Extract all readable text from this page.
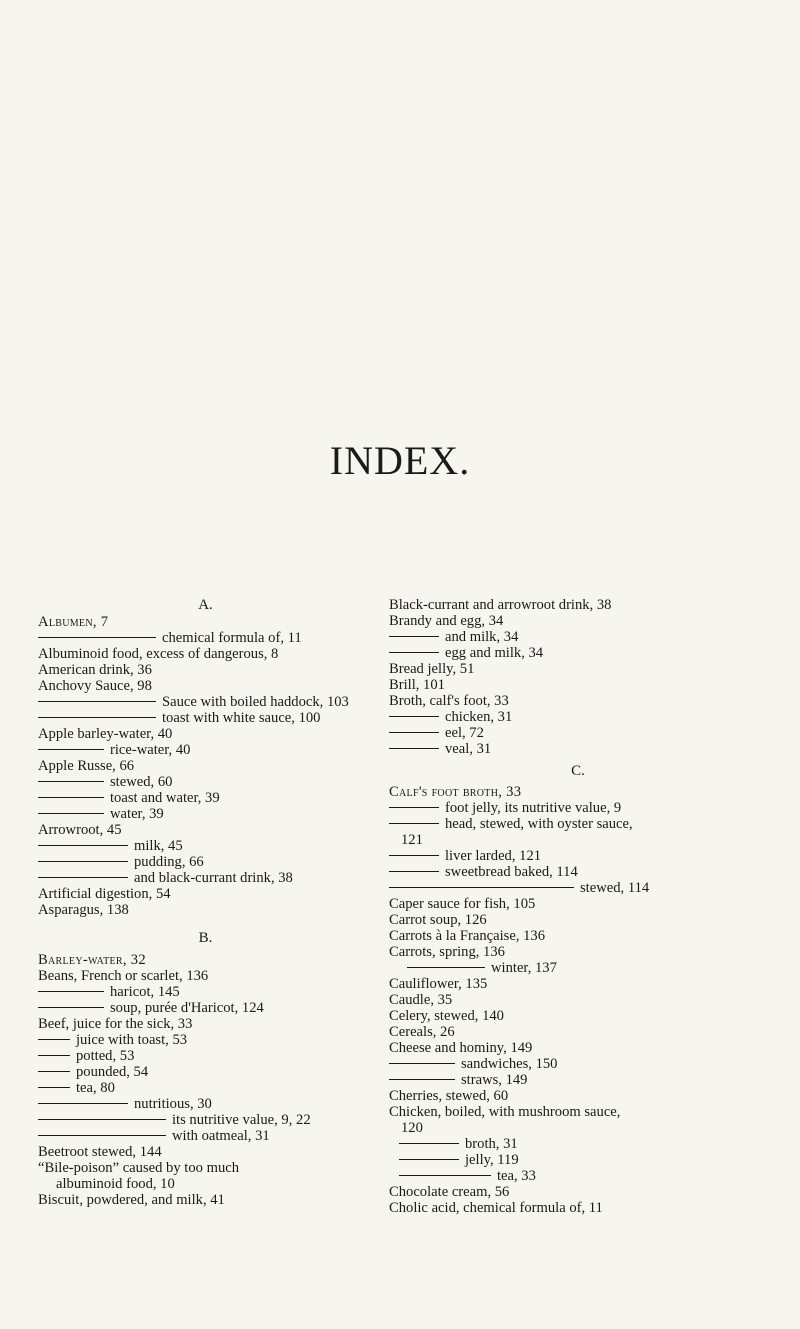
INDEX.
A.
Albumen, 7
chemical formula of, 11
Albuminoid food, excess of dangerous, 8
American drink, 36
Anchovy Sauce, 98
Sauce with boiled haddock, 103
toast with white sauce, 100
Apple barley-water, 40
rice-water, 40
Apple Russe, 66
stewed, 60
toast and water, 39
water, 39
Arrowroot, 45
milk, 45
pudding, 66
and black-currant drink, 38
Artificial digestion, 54
Asparagus, 138
B.
Barley-water, 32
Beans, French or scarlet, 136
haricot, 145
soup, purée d'Haricot, 124
Beef, juice for the sick, 33
juice with toast, 53
potted, 53
pounded, 54
tea, 80
nutritious, 30
its nutritive value, 9, 22
with oatmeal, 31
Beetroot stewed, 144
“Bile-poison” caused by too much
albuminoid food, 10
Biscuit, powdered, and milk, 41
Black-currant and arrowroot drink, 38
Brandy and egg, 34
and milk, 34
egg and milk, 34
Bread jelly, 51
Brill, 101
Broth, calf's foot, 33
chicken, 31
eel, 72
veal, 31
C.
Calf's foot broth, 33
foot jelly, its nutritive value, 9
head, stewed, with oyster sauce,
121
liver larded, 121
sweetbread baked, 114
stewed, 114
Caper sauce for fish, 105
Carrot soup, 126
Carrots à la Française, 136
Carrots, spring, 136
winter, 137
Cauliflower, 135
Caudle, 35
Celery, stewed, 140
Cereals, 26
Cheese and hominy, 149
sandwiches, 150
straws, 149
Cherries, stewed, 60
Chicken, boiled, with mushroom sauce,
120
broth, 31
jelly, 119
tea, 33
Chocolate cream, 56
Cholic acid, chemical formula of, 11
